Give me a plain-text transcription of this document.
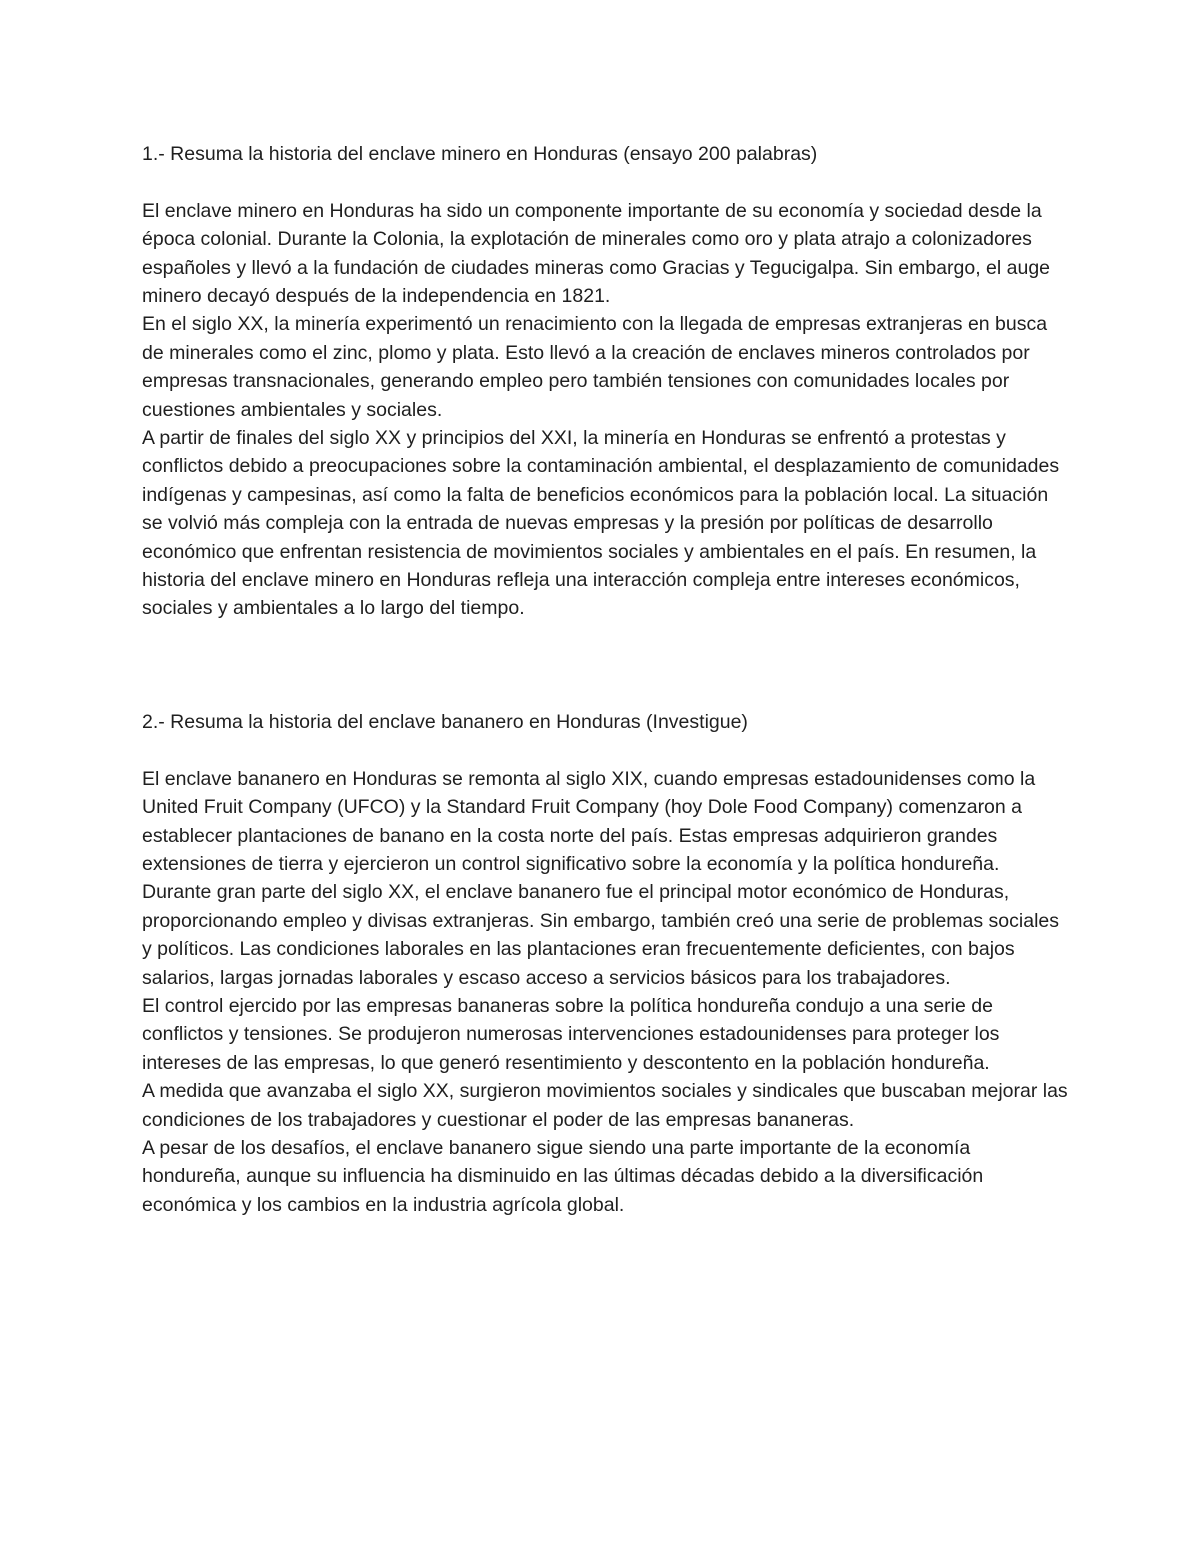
1.- Resuma la historia del enclave minero en Honduras (ensayo 200 palabras)

El enclave minero en Honduras ha sido un componente importante de su economía y sociedad desde la época colonial. Durante la Colonia, la explotación de minerales como oro y plata atrajo a colonizadores españoles y llevó a la fundación de ciudades mineras como Gracias y Tegucigalpa. Sin embargo, el auge minero decayó después de la independencia en 1821.

En el siglo XX, la minería experimentó un renacimiento con la llegada de empresas extranjeras en busca de minerales como el zinc, plomo y plata. Esto llevó a la creación de enclaves mineros controlados por empresas transnacionales, generando empleo pero también tensiones con comunidades locales por cuestiones ambientales y sociales.

A partir de finales del siglo XX y principios del XXI, la minería en Honduras se enfrentó a protestas y conflictos debido a preocupaciones sobre la contaminación ambiental, el desplazamiento de comunidades indígenas y campesinas, así como la falta de beneficios económicos para la población local. La situación se volvió más compleja con la entrada de nuevas empresas y la presión por políticas de desarrollo económico que enfrentan resistencia de movimientos sociales y ambientales en el país. En resumen, la historia del enclave minero en Honduras refleja una interacción compleja entre intereses económicos, sociales y ambientales a lo largo del tiempo.

2.- Resuma la historia del enclave bananero en Honduras (Investigue)

El enclave bananero en Honduras se remonta al siglo XIX, cuando empresas estadounidenses como la United Fruit Company (UFCO) y la Standard Fruit Company (hoy Dole Food Company) comenzaron a establecer plantaciones de banano en la costa norte del país. Estas empresas adquirieron grandes extensiones de tierra y ejercieron un control significativo sobre la economía y la política hondureña.

Durante gran parte del siglo XX, el enclave bananero fue el principal motor económico de Honduras, proporcionando empleo y divisas extranjeras. Sin embargo, también creó una serie de problemas sociales y políticos. Las condiciones laborales en las plantaciones eran frecuentemente deficientes, con bajos salarios, largas jornadas laborales y escaso acceso a servicios básicos para los trabajadores.

El control ejercido por las empresas bananeras sobre la política hondureña condujo a una serie de conflictos y tensiones. Se produjeron numerosas intervenciones estadounidenses para proteger los intereses de las empresas, lo que generó resentimiento y descontento en la población hondureña.

A medida que avanzaba el siglo XX, surgieron movimientos sociales y sindicales que buscaban mejorar las condiciones de los trabajadores y cuestionar el poder de las empresas bananeras.

A pesar de los desafíos, el enclave bananero sigue siendo una parte importante de la economía hondureña, aunque su influencia ha disminuido en las últimas décadas debido a la diversificación económica y los cambios en la industria agrícola global.
